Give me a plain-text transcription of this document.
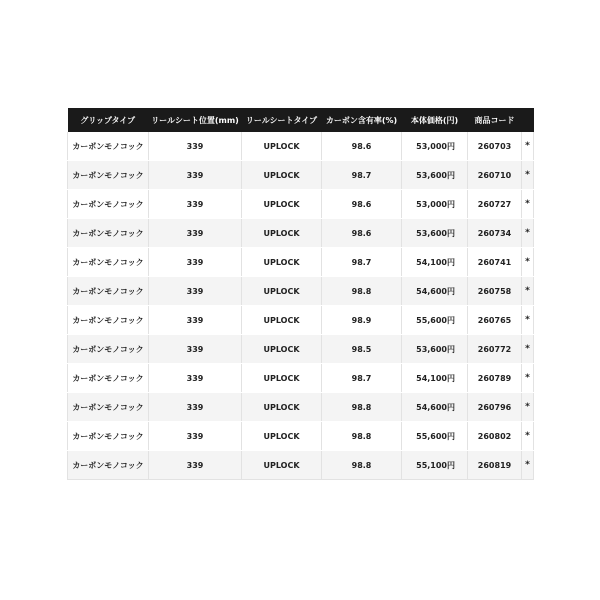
グリップタイプ	リールシート位置(mm)	リールシートタイプ	カーボン含有率(%)	本体価格(円)	商品コード	
カーボンモノコック	339	UPLOCK	98.6	53,000円	260703	*
カーボンモノコック	339	UPLOCK	98.7	53,600円	260710	*
カーボンモノコック	339	UPLOCK	98.6	53,000円	260727	*
カーボンモノコック	339	UPLOCK	98.6	53,600円	260734	*
カーボンモノコック	339	UPLOCK	98.7	54,100円	260741	*
カーボンモノコック	339	UPLOCK	98.8	54,600円	260758	*
カーボンモノコック	339	UPLOCK	98.9	55,600円	260765	*
カーボンモノコック	339	UPLOCK	98.5	53,600円	260772	*
カーボンモノコック	339	UPLOCK	98.7	54,100円	260789	*
カーボンモノコック	339	UPLOCK	98.8	54,600円	260796	*
カーボンモノコック	339	UPLOCK	98.8	55,600円	260802	*
カーボンモノコック	339	UPLOCK	98.8	55,100円	260819	*
